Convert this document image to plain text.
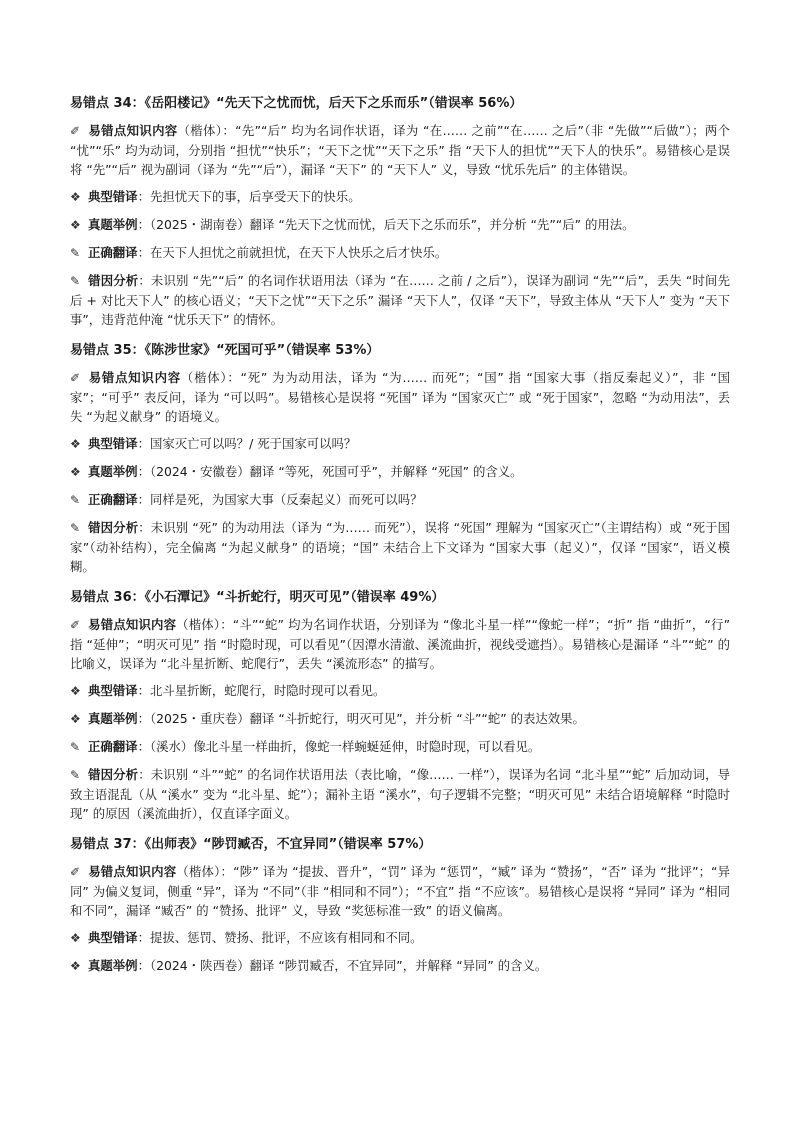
易错点 34：《岳阳楼记》“先天下之忧而忧，后天下之乐而乐”（错误率 56%）
✐ 易错点知识内容（楷体）：“先”“后” 均为名词作状语，译为 “在…… 之前”“在…… 之后”（非 “先做”“后做”）；两个 “忧”“乐” 均为动词，分别指 “担忧”“快乐”；“天下之忧”“天下之乐” 指 “天下人的担忧”“天下人的快乐”。易错核心是误将 “先”“后” 视为副词（译为 “先”“后”），漏译 “天下” 的 “天下人” 义，导致 “忧乐先后” 的主体错误。
❖ 典型错译：先担忧天下的事，后享受天下的快乐。
❖ 真题举例：（2025・湖南卷）翻译 “先天下之忧而忧，后天下之乐而乐”，并分析 “先”“后” 的用法。
✎ 正确翻译：在天下人担忧之前就担忧，在天下人快乐之后才快乐。
✎ 错因分析：未识别 “先”“后” 的名词作状语用法（译为 “在…… 之前 / 之后”），误译为副词 “先”“后”，丢失 “时间先后 + 对比天下人” 的核心语义；“天下之忧”“天下之乐” 漏译 “天下人”，仅译 “天下”，导致主体从 “天下人” 变为 “天下事”，违背范仲淹 “忧乐天下” 的情怀。
易错点 35：《陈涉世家》“死国可乎”（错误率 53%）
✐ 易错点知识内容（楷体）：“死” 为为动用法，译为 “为…… 而死”；“国” 指 “国家大事（指反秦起义）”，非 “国家”；“可乎” 表反问，译为 “可以吗”。易错核心是误将 “死国” 译为 “国家灭亡” 或 “死于国家”，忽略 “为动用法”，丢失 “为起义献身” 的语境义。
❖ 典型错译：国家灭亡可以吗？/ 死于国家可以吗？
❖ 真题举例：（2024・安徽卷）翻译 “等死，死国可乎”，并解释 “死国” 的含义。
✎ 正确翻译：同样是死，为国家大事（反秦起义）而死可以吗？
✎ 错因分析：未识别 “死” 的为动用法（译为 “为…… 而死”），误将 “死国” 理解为 “国家灭亡”（主谓结构）或 “死于国家”（动补结构），完全偏离 “为起义献身” 的语境；“国” 未结合上下文译为 “国家大事（起义）”，仅译 “国家”，语义模糊。
易错点 36：《小石潭记》“斗折蛇行，明灭可见”（错误率 49%）
✐ 易错点知识内容（楷体）：“斗”“蛇” 均为名词作状语，分别译为 “像北斗星一样”“像蛇一样”；“折” 指 “曲折”，“行” 指 “延伸”；“明灭可见” 指 “时隐时现，可以看见”（因潭水清澈、溪流曲折，视线受遮挡）。易错核心是漏译 “斗”“蛇” 的比喻义，误译为 “北斗星折断、蛇爬行”，丢失 “溪流形态” 的描写。
❖ 典型错译：北斗星折断，蛇爬行，时隐时现可以看见。
❖ 真题举例：（2025・重庆卷）翻译 “斗折蛇行，明灭可见”，并分析 “斗”“蛇” 的表达效果。
✎ 正确翻译：（溪水）像北斗星一样曲折，像蛇一样蜿蜒延伸，时隐时现，可以看见。
✎ 错因分析：未识别 “斗”“蛇” 的名词作状语用法（表比喻，“像…… 一样”），误译为名词 “北斗星”“蛇” 后加动词，导致主语混乱（从 “溪水” 变为 “北斗星、蛇”）；漏补主语 “溪水”，句子逻辑不完整；“明灭可见” 未结合语境解释 “时隐时现” 的原因（溪流曲折），仅直译字面义。
易错点 37：《出师表》“陟罚臧否，不宜异同”（错误率 57%）
✐ 易错点知识内容（楷体）：“陟” 译为 “提拔、晋升”，“罚” 译为 “惩罚”，“臧” 译为 “赞扬”，“否” 译为 “批评”；“异同” 为偏义复词，侧重 “异”，译为 “不同”（非 “相同和不同”）；“不宜” 指 “不应该”。易错核心是误将 “异同” 译为 “相同和不同”，漏译 “臧否” 的 “赞扬、批评” 义，导致 “奖惩标准一致” 的语义偏离。
❖ 典型错译：提拔、惩罚、赞扬、批评，不应该有相同和不同。
❖ 真题举例：（2024・陕西卷）翻译 “陟罚臧否，不宜异同”，并解释 “异同” 的含义。
